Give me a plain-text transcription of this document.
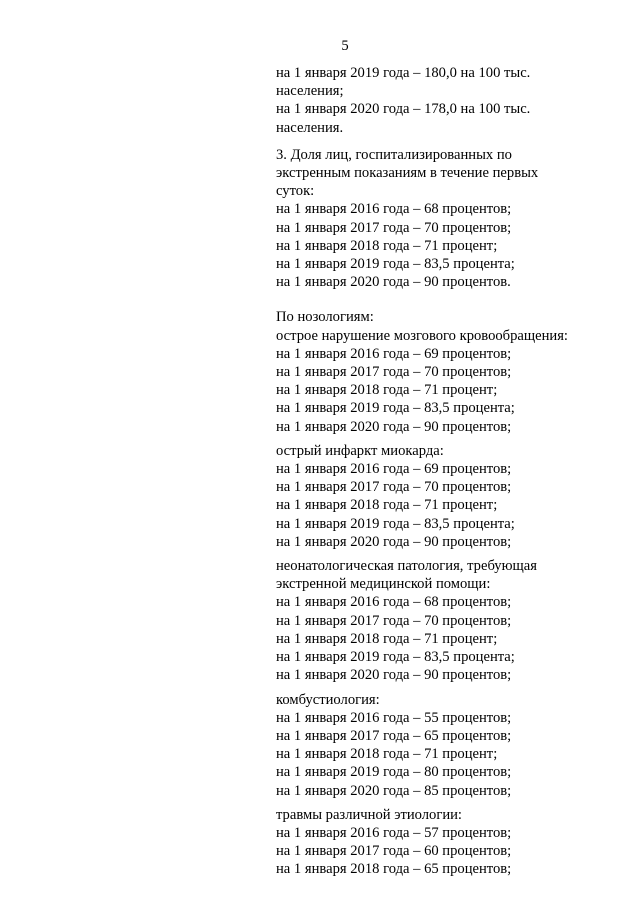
5
на 1 января 2019 года – 180,0 на 100 тыс.
населения;
на 1 января 2020 года – 178,0 на 100 тыс.
населения.
3. Доля лиц, госпитализированных по
экстренным показаниям в течение первых
суток:
на 1 января 2016 года – 68 процентов;
на 1 января 2017 года – 70 процентов;
на 1 января 2018 года – 71 процент;
на 1 января 2019 года – 83,5 процента;
на 1 января 2020 года – 90 процентов.
По нозологиям:
острое нарушение мозгового кровообращения:
на 1 января 2016 года – 69 процентов;
на 1 января 2017 года – 70 процентов;
на 1 января 2018 года – 71 процент;
на 1 января 2019 года – 83,5 процента;
на 1 января 2020 года – 90 процентов;
острый инфаркт миокарда:
на 1 января 2016 года – 69 процентов;
на 1 января 2017 года – 70 процентов;
на 1 января 2018 года – 71 процент;
на 1 января 2019 года – 83,5 процента;
на 1 января 2020 года – 90 процентов;
неонатологическая патология, требующая
экстренной медицинской помощи:
на 1 января 2016 года – 68 процентов;
на 1 января 2017 года – 70 процентов;
на 1 января 2018 года – 71 процент;
на 1 января 2019 года – 83,5 процента;
на 1 января 2020 года – 90 процентов;
комбустиология:
на 1 января 2016 года – 55 процентов;
на 1 января 2017 года – 65 процентов;
на 1 января 2018 года – 71 процент;
на 1 января 2019 года – 80 процентов;
на 1 января 2020 года – 85 процентов;
травмы различной этиологии:
на 1 января 2016 года – 57 процентов;
на 1 января 2017 года – 60 процентов;
на 1 января 2018 года – 65 процентов;
